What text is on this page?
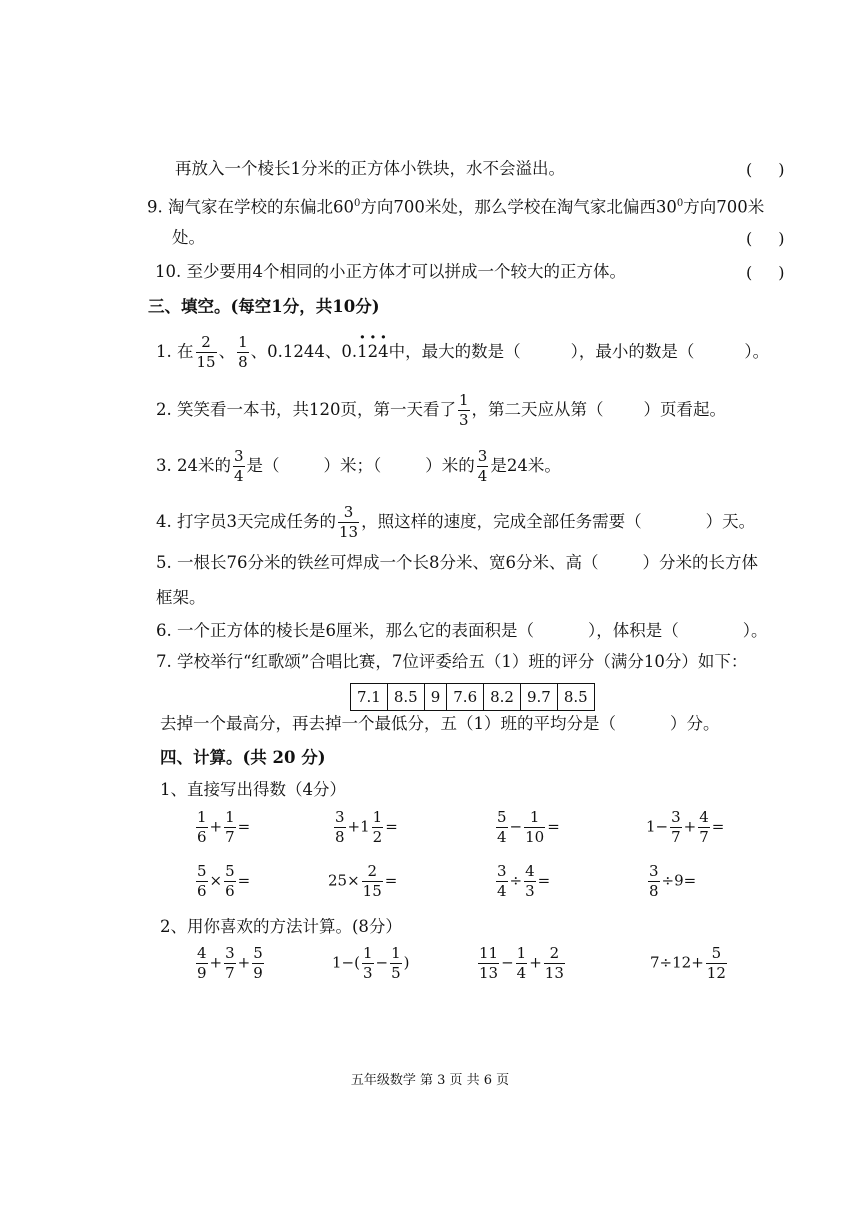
再放入一个棱长1分米的正方体小铁块，水不会溢出。	( )
9. 淘气家在学校的东偏北$60^0$方向700米处，那么学校在淘气家北偏西$30^0$方向700米
处。	( )
10. 至少要用4个相同的小正方体才可以拼成一个较大的正方体。	( )
三、填空。(每空1分，共10分)
1. 在 $\frac{2}{15}$ 、 $\frac{1}{8}$ 、0.1244、0.· 1· 2· 4中，最大的数是（	），最小的数是（	）。
2. 笑笑看一本书，共120页，第一天看了 $\frac{1}{3}$ ，第二天应从第（ ）页看起。
3. 24米的 $\frac{3}{4}$ 是（	）米；（	）米的 $\frac{3}{4}$ 是24米。
4. 打字员3天完成任务的 $\frac{3}{13}$ ，照这样的速度，完成全部任务需要（	）天。
5. 一根长76分米的铁丝可焊成一个长8分米、宽6分米、高（	）分米的长方体
框架。
6. 一个正方体的棱长是6厘米，那么它的表面积是（	），体积是（	）。
7. 学校举行“红歌颂”合唱比赛，7位评委给五（1）班的评分（满分10分）如下：
7.1	8.5	9	7.6	8.2	9.7	8.5
去掉一个最高分，再去掉一个最低分，五（1）班的平均分是（	）分。
四、计算。(共 20 分)
1、直接写出得数（4分）
$\frac{1}{6} + \frac{1}{7}$ =	$\frac{3}{8} +1 \frac{1}{2}$ =	$\frac{5}{4} - \frac{1}{10}$ =	$1- \frac{3}{7} + \frac{4}{7}$ =
$\frac{5}{6} \times \frac{5}{6}$ =	$25\times \frac{2}{15}$ =	$\frac{3}{4} \div \frac{4}{3}$ =	$\frac{3}{8} \div 9=$
2、用你喜欢的方法计算。(8分）
$\frac{4}{9} + \frac{3}{7} + \frac{5}{9}$	$1-( \frac{1}{3} - \frac{1}{5}$ )	$\frac{11}{13} - \frac{1}{4} + \frac{2}{13}$	$7\div 12+ \frac{5}{12}$
五年级数学 第 3 页 共 6 页
